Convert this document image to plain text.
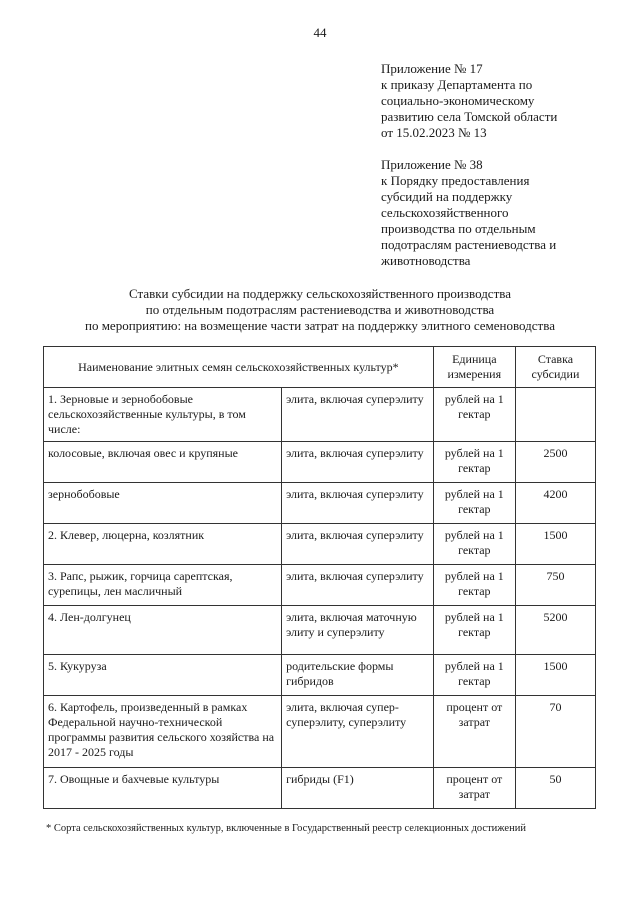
44
Приложение № 17
к приказу Департамента по
социально-экономическому
развитию села Томской области
от 15.02.2023 № 13
Приложение № 38
к Порядку предоставления
субсидий на поддержку
сельскохозяйственного
производства по отдельным
подотраслям растениеводства и
животноводства
Ставки субсидии на поддержку сельскохозяйственного производства
по отдельным подотраслям растениеводства и животноводства
по мероприятию: на возмещение части затрат на поддержку элитного семеноводства
Наименование элитных семян сельскохозяйственных культур*		Единица измерения	Ставка субсидии
1. Зерновые и зернобобовые сельскохозяйственные культуры, в том числе:	элита, включая суперэлиту	рублей на 1 гектар	
колосовые, включая овес и крупяные	элита, включая суперэлиту	рублей на 1 гектар	2500
зернобобовые	элита, включая суперэлиту	рублей на 1 гектар	4200
2. Клевер, люцерна, козлятник	элита, включая суперэлиту	рублей на 1 гектар	1500
3. Рапс, рыжик, горчица сарептская, сурепицы, лен масличный	элита, включая суперэлиту	рублей на 1 гектар	750
4. Лен-долгунец	элита, включая маточную элиту и суперэлиту	рублей на 1 гектар	5200
5. Кукуруза	родительские формы гибридов	рублей на 1 гектар	1500
6. Картофель, произведенный в рамках Федеральной научно-технической программы развития сельского хозяйства на 2017 - 2025 годы	элита, включая супер-суперэлиту, суперэлиту	процент от затрат	70
7. Овощные и бахчевые культуры	гибриды (F1)	процент от затрат	50
* Сорта сельскохозяйственных культур, включенные в Государственный реестр селекционных достижений
